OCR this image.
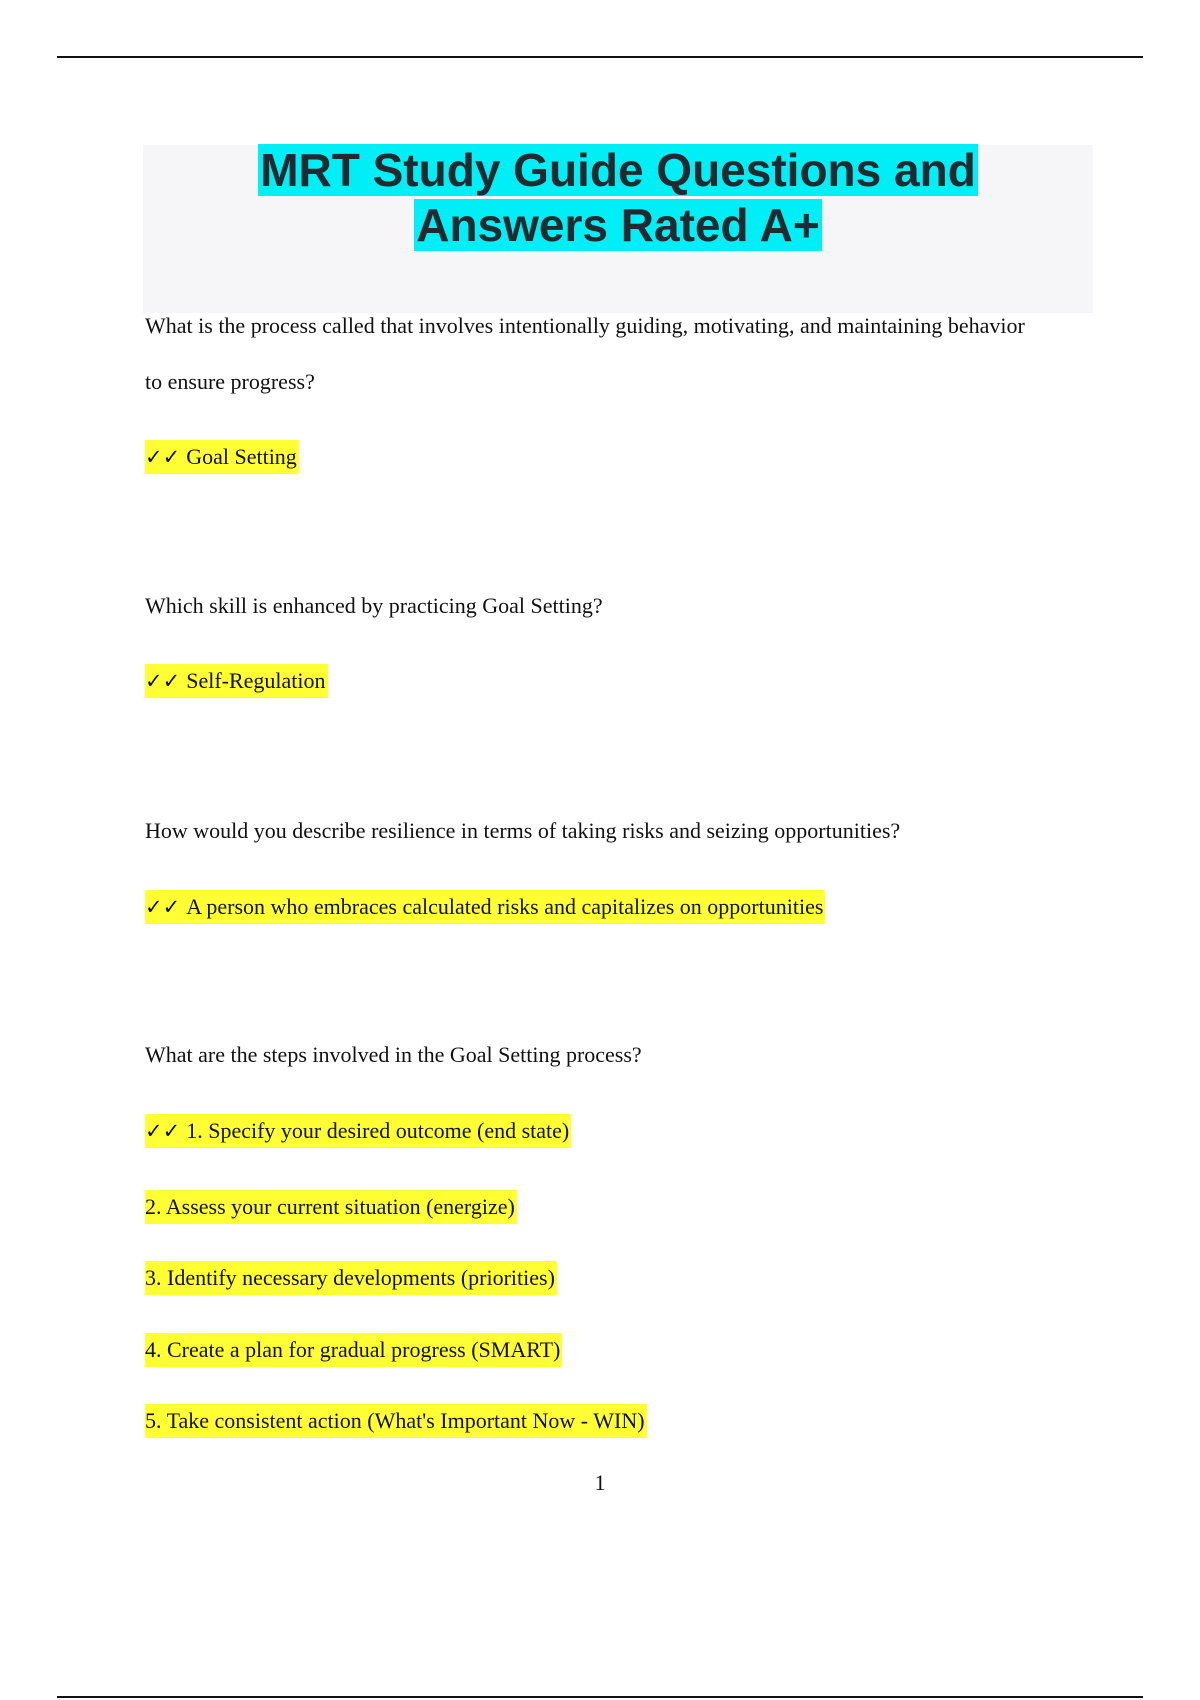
MRT Study Guide Questions and
Answers Rated A+

What is the process called that involves intentionally guiding, motivating, and maintaining behavior to ensure progress?

✓✓ Goal Setting

Which skill is enhanced by practicing Goal Setting?

✓✓ Self-Regulation

How would you describe resilience in terms of taking risks and seizing opportunities?

✓✓ A person who embraces calculated risks and capitalizes on opportunities

What are the steps involved in the Goal Setting process?

✓✓ 1. Specify your desired outcome (end state)

2. Assess your current situation (energize)

3. Identify necessary developments (priorities)

4. Create a plan for gradual progress (SMART)

5. Take consistent action (What's Important Now - WIN)

1
